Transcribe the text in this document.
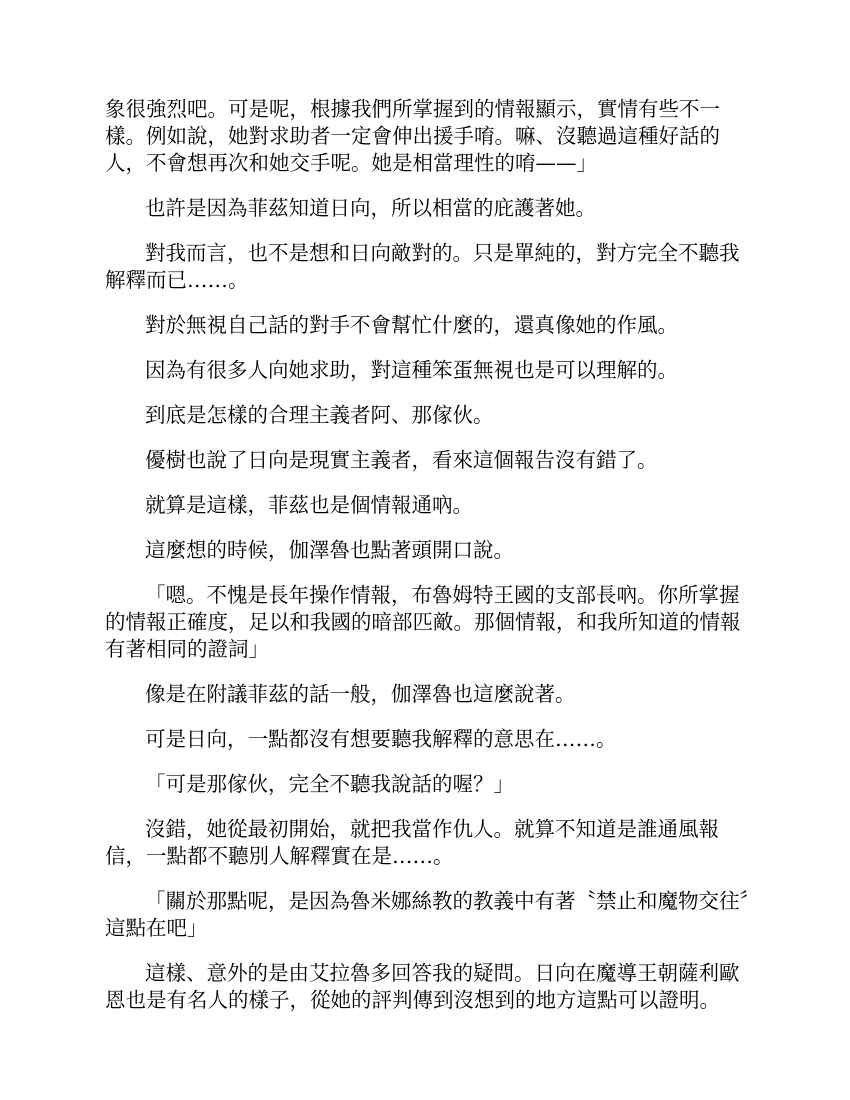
象很強烈吧。可是呢，根據我們所掌握到的情報顯示，實情有些不一樣。例如說，她對求助者一定會伸出援手唷。嘛、沒聽過這種好話的人，不會想再次和她交手呢。她是相當理性的唷——」

也許是因為菲茲知道日向，所以相當的庇護著她。

對我而言，也不是想和日向敵對的。只是單純的，對方完全不聽我解釋而已……。

對於無視自己話的對手不會幫忙什麼的，還真像她的作風。

因為有很多人向她求助，對這種笨蛋無視也是可以理解的。

到底是怎樣的合理主義者阿、那傢伙。

優樹也說了日向是現實主義者，看來這個報告沒有錯了。

就算是這樣，菲茲也是個情報通吶。

這麼想的時候，伽澤魯也點著頭開口說。

「嗯。不愧是長年操作情報，布魯姆特王國的支部長吶。你所掌握的情報正確度，足以和我國的暗部匹敵。那個情報，和我所知道的情報有著相同的證詞」

像是在附議菲茲的話一般，伽澤魯也這麼說著。

可是日向，一點都沒有想要聽我解釋的意思在……。

「可是那傢伙，完全不聽我說話的喔？」

沒錯，她從最初開始，就把我當作仇人。就算不知道是誰通風報信，一點都不聽別人解釋實在是……。

「關於那點呢，是因為魯米娜絲教的教義中有著〝禁止和魔物交往〞這點在吧」

這樣、意外的是由艾拉魯多回答我的疑問。日向在魔導王朝薩利歐恩也是有名人的樣子，從她的評判傳到沒想到的地方這點可以證明。
